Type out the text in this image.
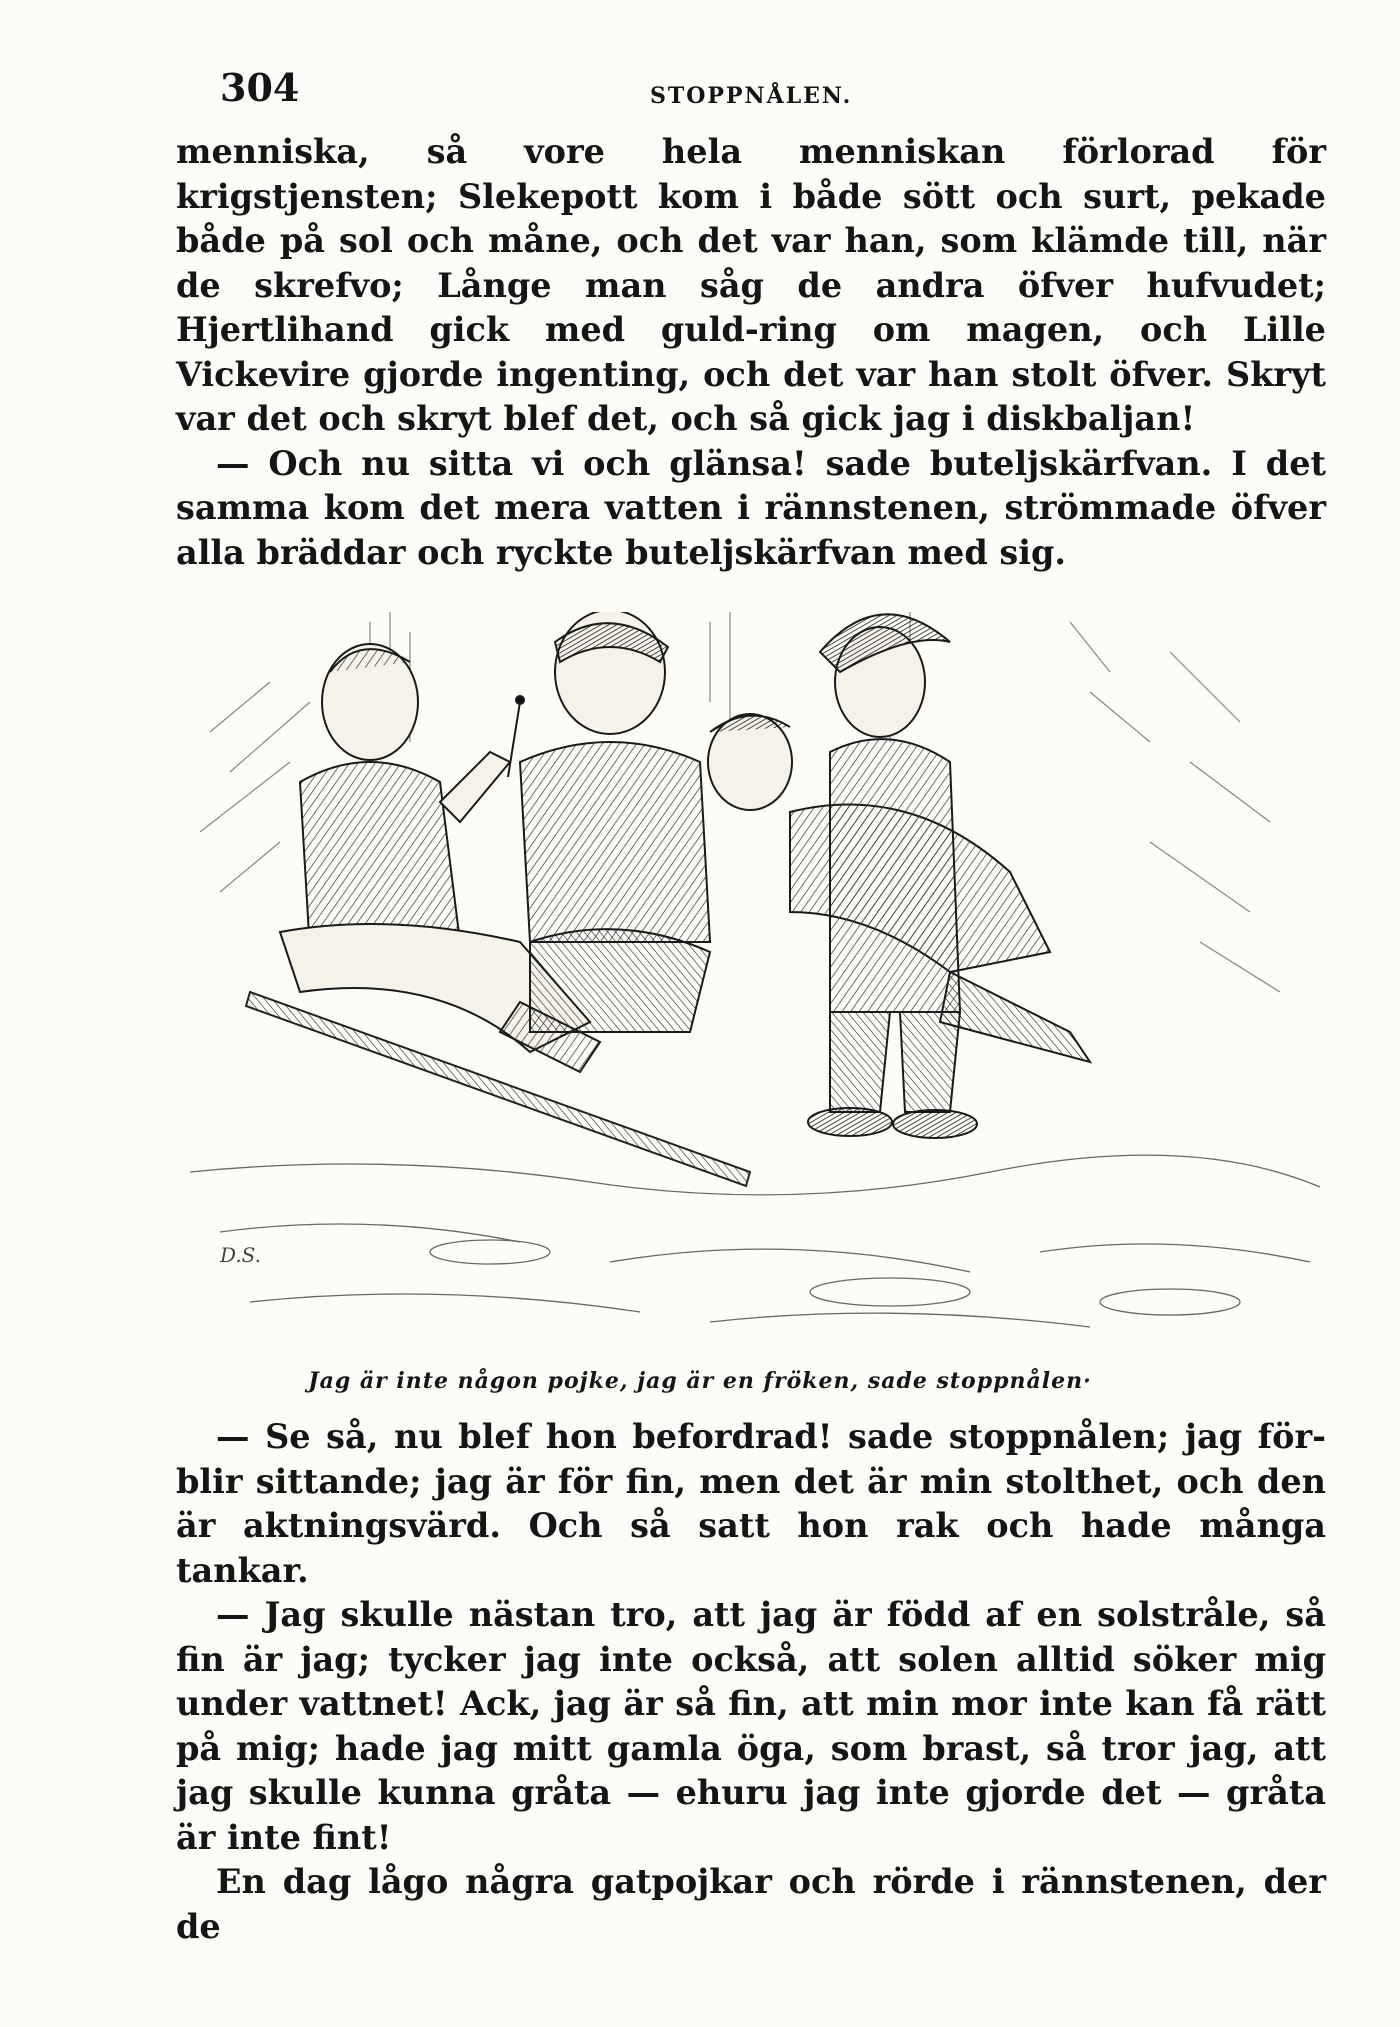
304	STOPPNÅLEN.

menniska, så vore hela menniskan förlorad för krigstjensten; Slekepott kom i både sött och surt, pekade både på sol och måne, och det var han, som klämde till, när de skrefvo; Långe man såg de andra öfver hufvudet; Hjertlihand gick med guld-ring om magen, och Lille Vickevire gjorde ingenting, och det var han stolt öfver. Skryt var det och skryt blef det, och så gick jag i diskbaljan!

— Och nu sitta vi och glänsa! sade buteljskärfvan. I det samma kom det mera vatten i rännstenen, strömmade öfver alla bräddar och ryckte buteljskärfvan med sig.

D.S.
Jag är inte någon pojke, jag är en fröken, sade stoppnålen·

— Se så, nu blef hon befordrad! sade stoppnålen; jag för-blir sittande; jag är för fin, men det är min stolthet, och den är aktningsvärd. Och så satt hon rak och hade många tankar.

— Jag skulle nästan tro, att jag är född af en solstråle, så fin är jag; tycker jag inte också, att solen alltid söker mig under vattnet! Ack, jag är så fin, att min mor inte kan få rätt på mig; hade jag mitt gamla öga, som brast, så tror jag, att jag skulle kunna gråta — ehuru jag inte gjorde det — gråta är inte fint!

En dag lågo några gatpojkar och rörde i rännstenen, der de
